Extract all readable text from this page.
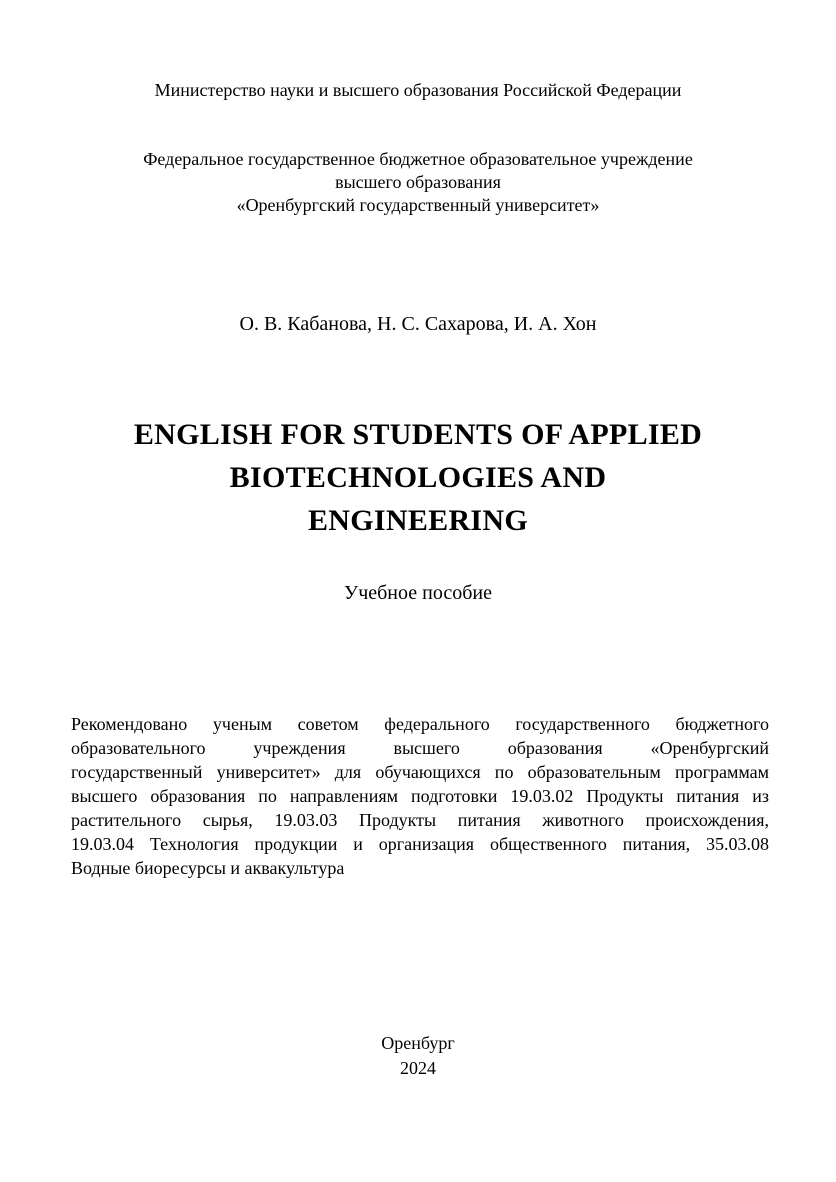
Министерство науки и высшего образования Российской Федерации
Федеральное государственное бюджетное образовательное учреждение
высшего образования
«Оренбургский государственный университет»
О. В. Кабанова, Н. С. Сахарова, И. А. Хон
ENGLISH FOR STUDENTS OF APPLIED
BIOTECHNOLOGIES AND
ENGINEERING
Учебное пособие
Рекомендовано ученым советом федерального государственного бюджетного
образовательного учреждения высшего образования «Оренбургский
государственный университет» для обучающихся по образовательным программам
высшего образования по направлениям подготовки 19.03.02 Продукты питания из
растительного сырья, 19.03.03 Продукты питания животного происхождения,
19.03.04 Технология продукции и организация общественного питания, 35.03.08
Водные биоресурсы и аквакультура
Оренбург
2024
